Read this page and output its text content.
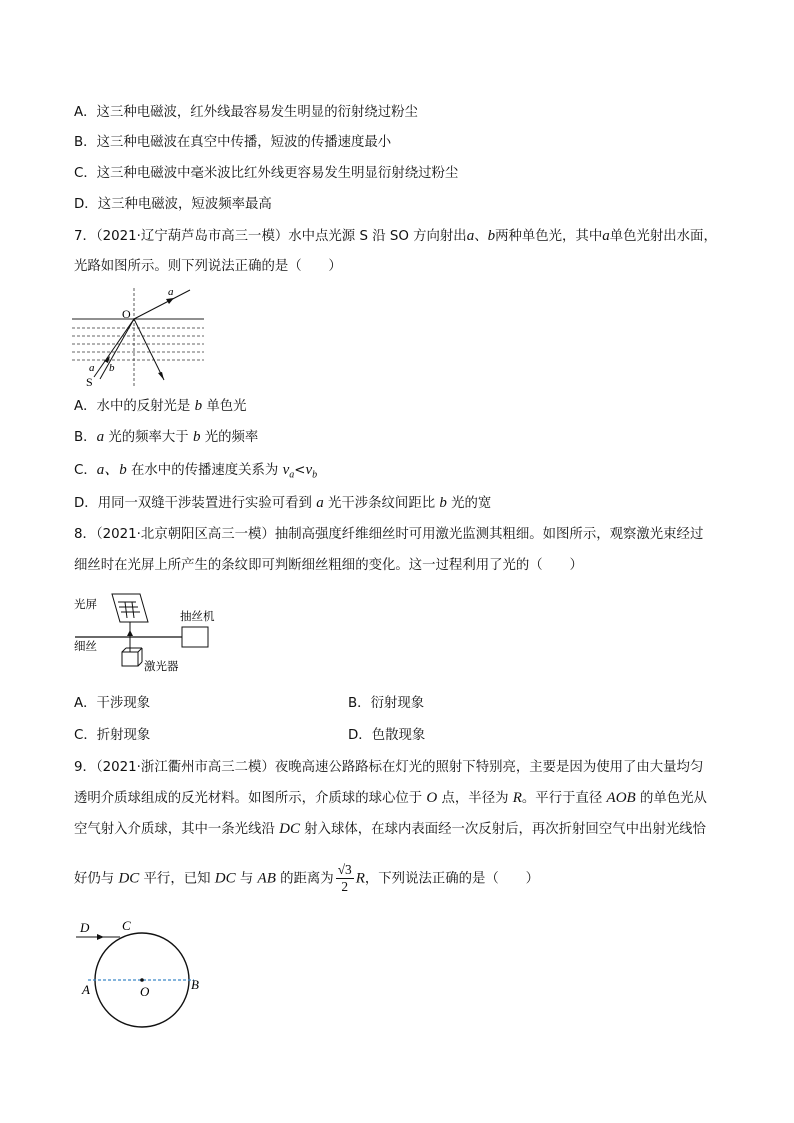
A．这三种电磁波，红外线最容易发生明显的衍射绕过粉尘
B．这三种电磁波在真空中传播，短波的传播速度最小
C．这三种电磁波中毫米波比红外线更容易发生明显衍射绕过粉尘
D．这三种电磁波，短波频率最高
7．（2021·辽宁葫芦岛市高三一模）水中点光源 S 沿 SO 方向射出a、b两种单色光，其中a单色光射出水面，
光路如图所示。则下列说法正确的是（　　）
a
O
a b
S
A．水中的反射光是 b 单色光
B．a 光的频率大于 b 光的频率
C．a、b 在水中的传播速度关系为 $v_a<v_b$
D．用同一双缝干涉装置进行实验可看到 a 光干涉条纹间距比 b 光的宽
8．（2021·北京朝阳区高三一模）抽制高强度纤维细丝时可用激光监测其粗细。如图所示，观察激光束经过
细丝时在光屏上所产生的条纹即可判断细丝粗细的变化。这一过程利用了光的（　　）
光屏
抽丝机
细丝
激光器
A．干涉现象	B．衍射现象
C．折射现象	D．色散现象
9．（2021·浙江衢州市高三二模）夜晚高速公路路标在灯光的照射下特别亮，主要是因为使用了由大量均匀
透明介质球组成的反光材料。如图所示，介质球的球心位于 O 点，半径为 R。平行于直径 AOB 的单色光从
空气射入介质球，其中一条光线沿 DC 射入球体，在球内表面经一次反射后，再次折射回空气中出射光线恰
好仍与 DC 平行，已知 DC 与 AB 的距离为 $\frac{√3}{2}$ R，下列说法正确的是（　　）
D	C
A	O	B
